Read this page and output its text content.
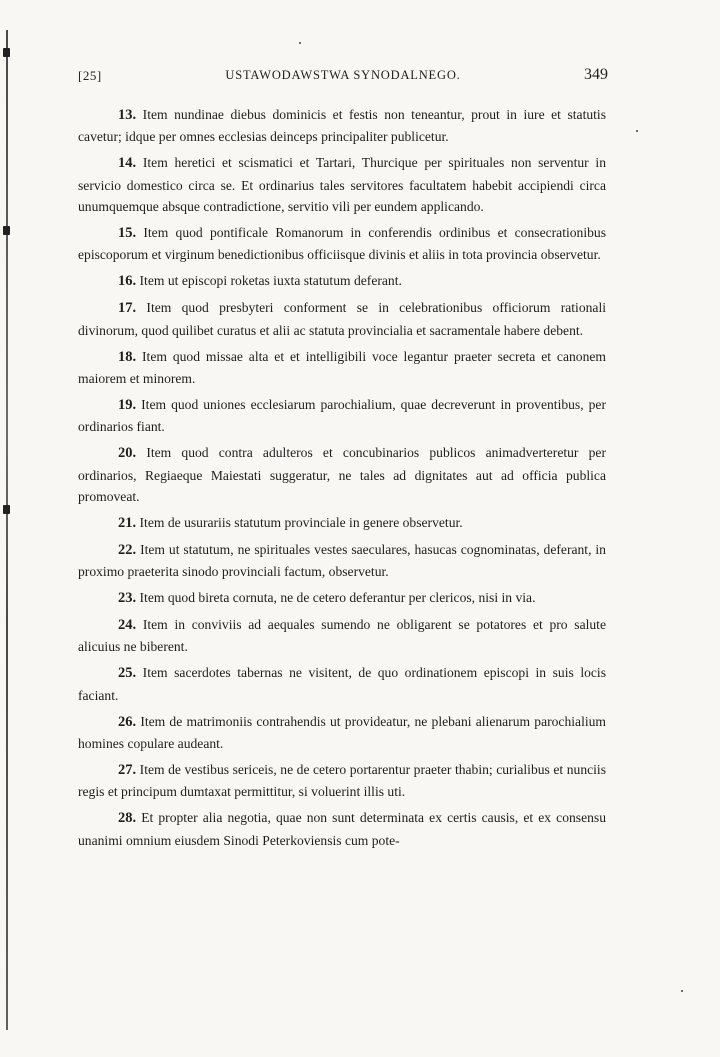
[25]	USTAWODAWSTWA SYNODALNEGO.	349

13. Item nundinae diebus dominicis et festis non teneantur, prout in iure et statutis cavetur; idque per omnes ecclesias deinceps principaliter publicetur.

14. Item heretici et scismatici et Tartari, Thurcique per spirituales non serventur in servicio domestico circa se. Et ordinarius tales servitores facultatem habebit accipiendi circa unumquemque absque contradictione, servitio vili per eundem applicando.

15. Item quod pontificale Romanorum in conferendis ordinibus et consecrationibus episcoporum et virginum benedictionibus officiisque divinis et aliis in tota provincia observetur.

16. Item ut episcopi roketas iuxta statutum deferant.

17. Item quod presbyteri conforment se in celebrationibus officiorum rationali divinorum, quod quilibet curatus et alii ac statuta provincialia et sacramentale habere debent.

18. Item quod missae alta et et intelligibili voce legantur praeter secreta et canonem maiorem et minorem.

19. Item quod uniones ecclesiarum parochialium, quae decreverunt in proventibus, per ordinarios fiant.

20. Item quod contra adulteros et concubinarios publicos animadverteretur per ordinarios, Regiaeque Maiestati suggeratur, ne tales ad dignitates aut ad officia publica promoveat.

21. Item de usurariis statutum provinciale in genere observetur.

22. Item ut statutum, ne spirituales vestes saeculares, hasucas cognominatas, deferant, in proximo praeterita sinodo provinciali factum, observetur.

23. Item quod bireta cornuta, ne de cetero deferantur per clericos, nisi in via.

24. Item in conviviis ad aequales sumendo ne obligarent se potatores et pro salute alicuius ne biberent.

25. Item sacerdotes tabernas ne visitent, de quo ordinationem episcopi in suis locis faciant.

26. Item de matrimoniis contrahendis ut provideatur, ne plebani alienarum parochialium homines copulare audeant.

27. Item de vestibus sericeis, ne de cetero portarentur praeter thabin; curialibus et nunciis regis et principum dumtaxat permittitur, si voluerint illis uti.

28. Et propter alia negotia, quae non sunt determinata ex certis causis, et ex consensu unanimi omnium eiusdem Sinodi Peterkoviensis cum pote-
